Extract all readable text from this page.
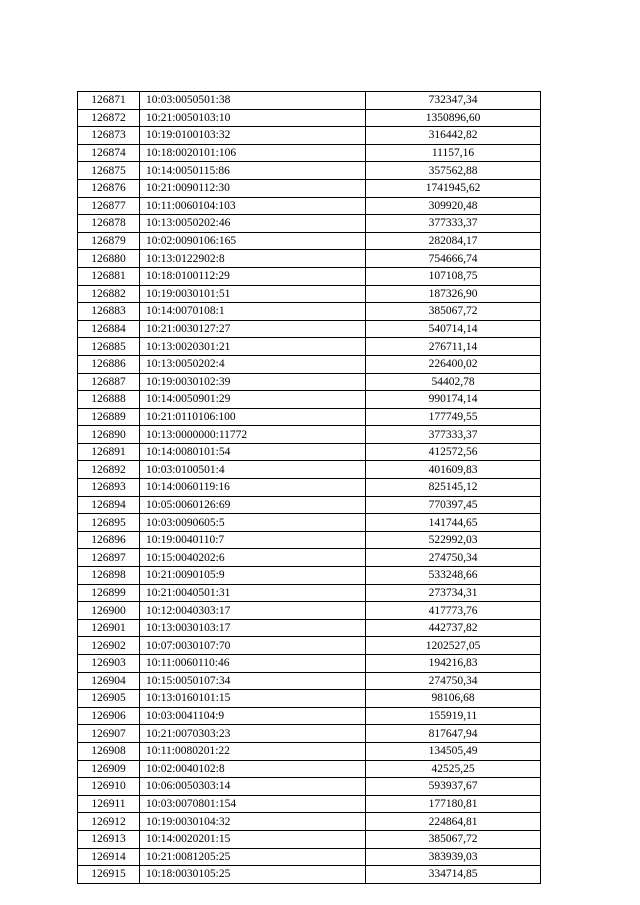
126871	10:03:0050501:38	732347,34
126872	10:21:0050103:10	1350896,60
126873	10:19:0100103:32	316442,82
126874	10:18:0020101:106	11157,16
126875	10:14:0050115:86	357562,88
126876	10:21:0090112:30	1741945,62
126877	10:11:0060104:103	309920,48
126878	10:13:0050202:46	377333,37
126879	10:02:0090106:165	282084,17
126880	10:13:0122902:8	754666,74
126881	10:18:0100112:29	107108,75
126882	10:19:0030101:51	187326,90
126883	10:14:0070108:1	385067,72
126884	10:21:0030127:27	540714,14
126885	10:13:0020301:21	276711,14
126886	10:13:0050202:4	226400,02
126887	10:19:0030102:39	54402,78
126888	10:14:0050901:29	990174,14
126889	10:21:0110106:100	177749,55
126890	10:13:0000000:11772	377333,37
126891	10:14:0080101:54	412572,56
126892	10:03:0100501:4	401609,83
126893	10:14:0060119:16	825145,12
126894	10:05:0060126:69	770397,45
126895	10:03:0090605:5	141744,65
126896	10:19:0040110:7	522992,03
126897	10:15:0040202:6	274750,34
126898	10:21:0090105:9	533248,66
126899	10:21:0040501:31	273734,31
126900	10:12:0040303:17	417773,76
126901	10:13:0030103:17	442737,82
126902	10:07:0030107:70	1202527,05
126903	10:11:0060110:46	194216,83
126904	10:15:0050107:34	274750,34
126905	10:13:0160101:15	98106,68
126906	10:03:0041104:9	155919,11
126907	10:21:0070303:23	817647,94
126908	10:11:0080201:22	134505,49
126909	10:02:0040102:8	42525,25
126910	10:06:0050303:14	593937,67
126911	10:03:0070801:154	177180,81
126912	10:19:0030104:32	224864,81
126913	10:14:0020201:15	385067,72
126914	10:21:0081205:25	383939,03
126915	10:18:0030105:25	334714,85
